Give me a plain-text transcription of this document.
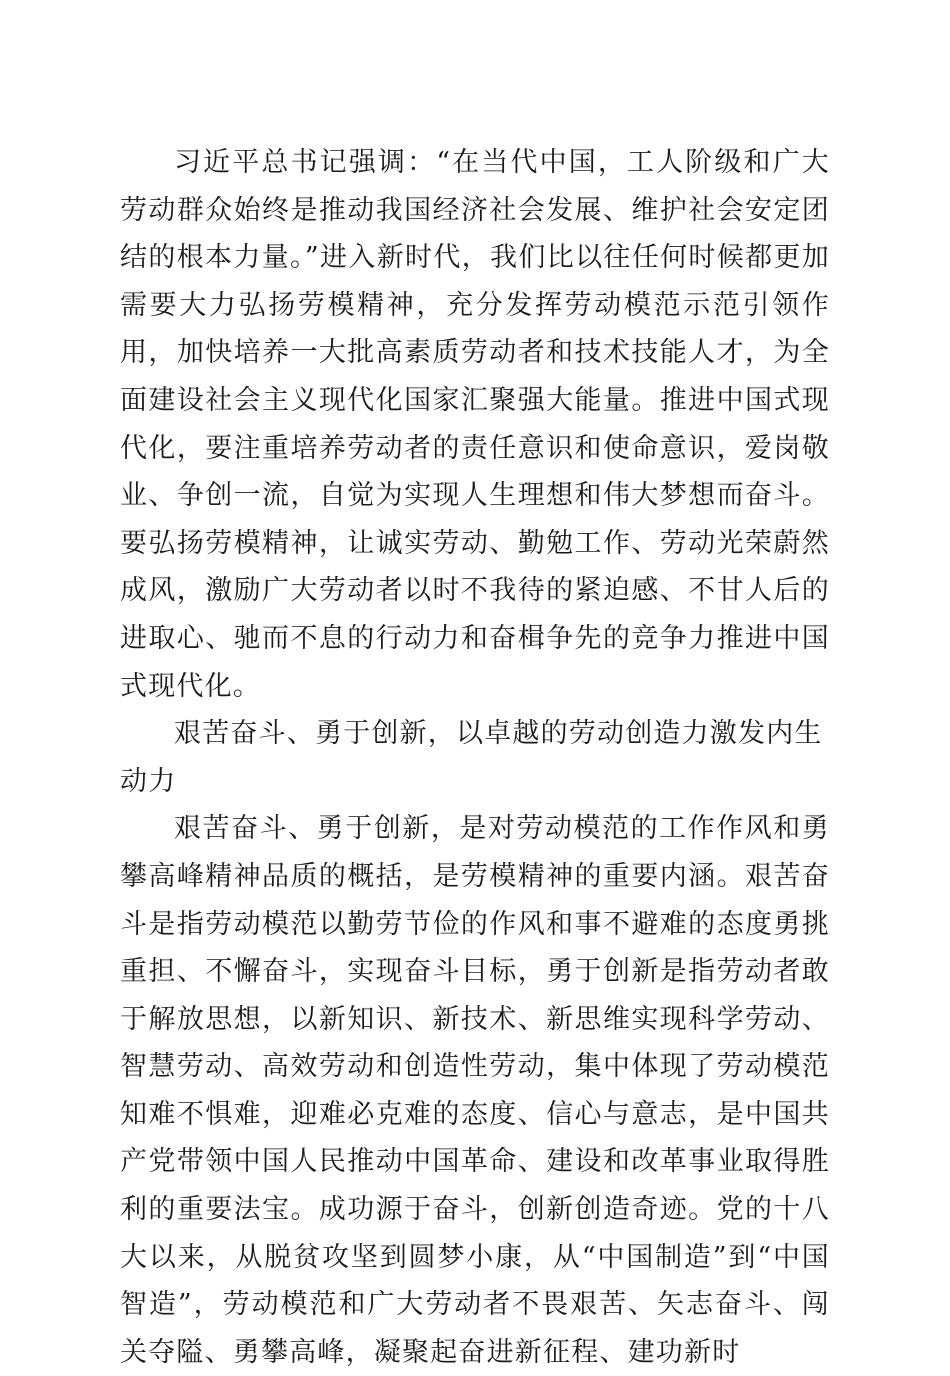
习近平总书记强调：“在当代中国，工人阶级和广大劳动群众始终是推动我国经济社会发展、维护社会安定团结的根本力量。”进入新时代，我们比以往任何时候都更加需要大力弘扬劳模精神，充分发挥劳动模范示范引领作用，加快培养一大批高素质劳动者和技术技能人才，为全面建设社会主义现代化国家汇聚强大能量。推进中国式现代化，要注重培养劳动者的责任意识和使命意识，爱岗敬业、争创一流，自觉为实现人生理想和伟大梦想而奋斗。要弘扬劳模精神，让诚实劳动、勤勉工作、劳动光荣蔚然成风，激励广大劳动者以时不我待的紧迫感、不甘人后的进取心、驰而不息的行动力和奋楫争先的竞争力推进中国式现代化。

艰苦奋斗、勇于创新，以卓越的劳动创造力激发内生动力

艰苦奋斗、勇于创新，是对劳动模范的工作作风和勇攀高峰精神品质的概括，是劳模精神的重要内涵。艰苦奋斗是指劳动模范以勤劳节俭的作风和事不避难的态度勇挑重担、不懈奋斗，实现奋斗目标，勇于创新是指劳动者敢于解放思想，以新知识、新技术、新思维实现科学劳动、智慧劳动、高效劳动和创造性劳动，集中体现了劳动模范知难不惧难，迎难必克难的态度、信心与意志，是中国共产党带领中国人民推动中国革命、建设和改革事业取得胜利的重要法宝。成功源于奋斗，创新创造奇迹。党的十八大以来，从脱贫攻坚到圆梦小康，从“中国制造”到“中国智造”，劳动模范和广大劳动者不畏艰苦、矢志奋斗、闯关夺隘、勇攀高峰，凝聚起奋进新征程、建功新时
